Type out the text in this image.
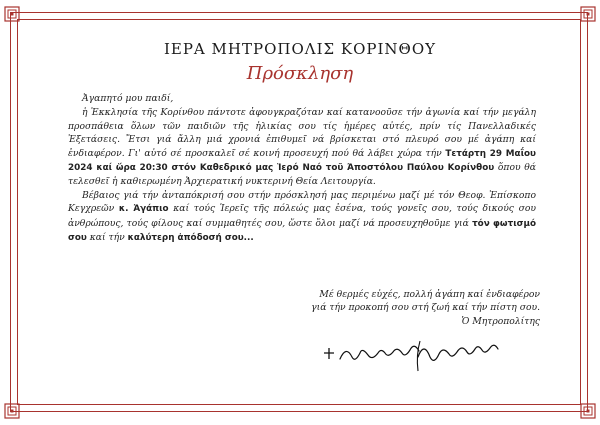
ΙΕΡΑ ΜΗΤΡΟΠΟΛΙΣ ΚΟΡΙΝΘΟΥ
Πρόσκληση

Ἀγαπητό μου παιδί,

ἡ Ἐκκλησία τῆς Κορίνθου πάντοτε ἀφουγκραζόταν καί κατανοοῦσε τήν ἀγωνία καί τήν μεγάλη προσπάθεια ὅλων τῶν παιδιῶν τῆς ἡλικίας σου τίς ἡμέρες αὐτές, πρίν τίς Πανελλαδικές Ἐξετάσεις. Ἔτσι γιά ἄλλη μιά χρονιά ἐπιθυμεῖ νά βρίσκεται στό πλευρό σου μέ ἀγάπη καί ἐνδιαφέρον. Γι' αὐτό σέ προσκαλεῖ σέ κοινή προσευχή πού θά λάβει χώρα τήν Τετάρτη 29 Μαΐου 2024 καί ὥρα 20:30 στόν Καθεδρικό μας Ἱερό Ναό τοῦ Ἀποστόλου Παύλου Κορίνθου ὅπου θά τελεσθεῖ ἡ καθιερωμένη Ἀρχιερατική νυκτερινή Θεία Λειτουργία.

Βέβαιος γιά τήν ἀνταπόκρισή σου στήν πρόσκλησή μας περιμένω μαζί μέ τόν Θεοφ. Ἐπίσκοπο Κεγχρεῶν κ. Ἀγάπιο καί τούς Ἱερεῖς τῆς πόλεώς μας ἐσένα, τούς γονεῖς σου, τούς δικούς σου ἀνθρώπους, τούς φίλους καί συμμαθητές σου, ὥστε ὅλοι μαζί νά προσευχηθοῦμε γιά τόν φωτισμό σου καί τήν καλύτερη ἀπόδοσή σου...

Μέ θερμές εὐχές, πολλή ἀγάπη καί ἐνδιαφέρον
γιά τήν προκοπή σου στή ζωή καί τήν πίστη σου.
Ὁ Μητροπολίτης
